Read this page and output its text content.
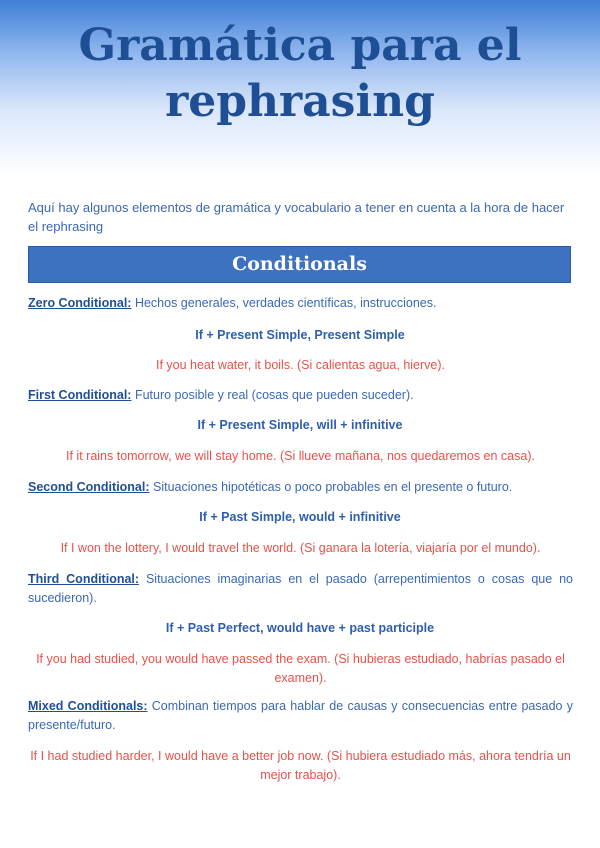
Gramática para el rephrasing

Aquí hay algunos elementos de gramática y vocabulario a tener en cuenta a la hora de hacer el rephrasing

Conditionals

Zero Conditional: Hechos generales, verdades científicas, instrucciones.

If + Present Simple, Present Simple

If you heat water, it boils. (Si calientas agua, hierve).

First Conditional: Futuro posible y real (cosas que pueden suceder).

If + Present Simple, will + infinitive

If it rains tomorrow, we will stay home. (Si llueve mañana, nos quedaremos en casa).

Second Conditional: Situaciones hipotéticas o poco probables en el presente o futuro.

If + Past Simple, would + infinitive

If I won the lottery, I would travel the world. (Si ganara la lotería, viajaría por el mundo).

Third Conditional: Situaciones imaginarias en el pasado (arrepentimientos o cosas que no sucedieron).

If + Past Perfect, would have + past participle

If you had studied, you would have passed the exam. (Si hubieras estudiado, habrías pasado el examen).

Mixed Conditionals: Combinan tiempos para hablar de causas y consecuencias entre pasado y presente/futuro.

If I had studied harder, I would have a better job now. (Si hubiera estudiado más, ahora tendría un mejor trabajo).
